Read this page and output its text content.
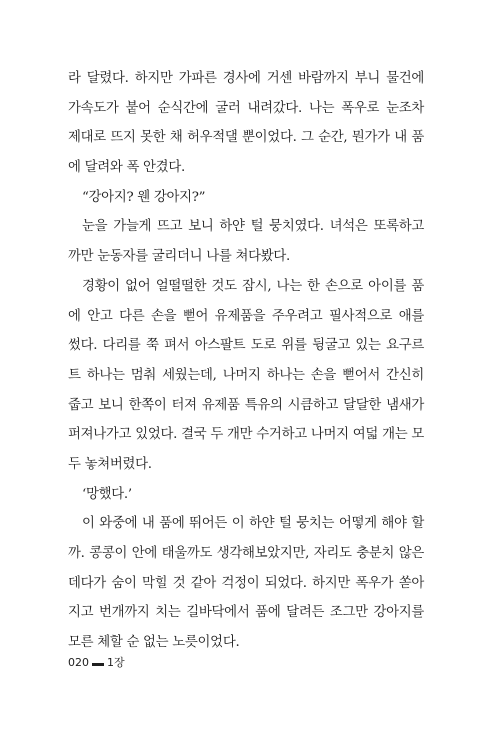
라 달렸다. 하지만 가파른 경사에 거센 바람까지 부니 물건에
가속도가 붙어 순식간에 굴러 내려갔다. 나는 폭우로 눈조차
제대로 뜨지 못한 채 허우적댈 뿐이었다. 그 순간, 뭔가가 내 품
에 달려와 폭 안겼다.
“강아지? 웬 강아지?”
눈을 가늘게 뜨고 보니 하얀 털 뭉치였다. 녀석은 또록하고
까만 눈동자를 굴리더니 나를 쳐다봤다.
경황이 없어 얼떨떨한 것도 잠시, 나는 한 손으로 아이를 품
에 안고 다른 손을 뻗어 유제품을 주우려고 필사적으로 애를
썼다. 다리를 쭉 펴서 아스팔트 도로 위를 뒹굴고 있는 요구르
트 하나는 멈춰 세웠는데, 나머지 하나는 손을 뻗어서 간신히
줍고 보니 한쪽이 터져 유제품 특유의 시큼하고 달달한 냄새가
퍼져나가고 있었다. 결국 두 개만 수거하고 나머지 여덟 개는 모
두 놓쳐버렸다.
‘망했다.’
이 와중에 내 품에 뛰어든 이 하얀 털 뭉치는 어떻게 해야 할
까. 콩콩이 안에 태울까도 생각해보았지만, 자리도 충분치 않은
데다가 숨이 막힐 것 같아 걱정이 되었다. 하지만 폭우가 쏟아
지고 번개까지 치는 길바닥에서 품에 달려든 조그만 강아지를
모른 체할 순 없는 노릇이었다.
020 1장
